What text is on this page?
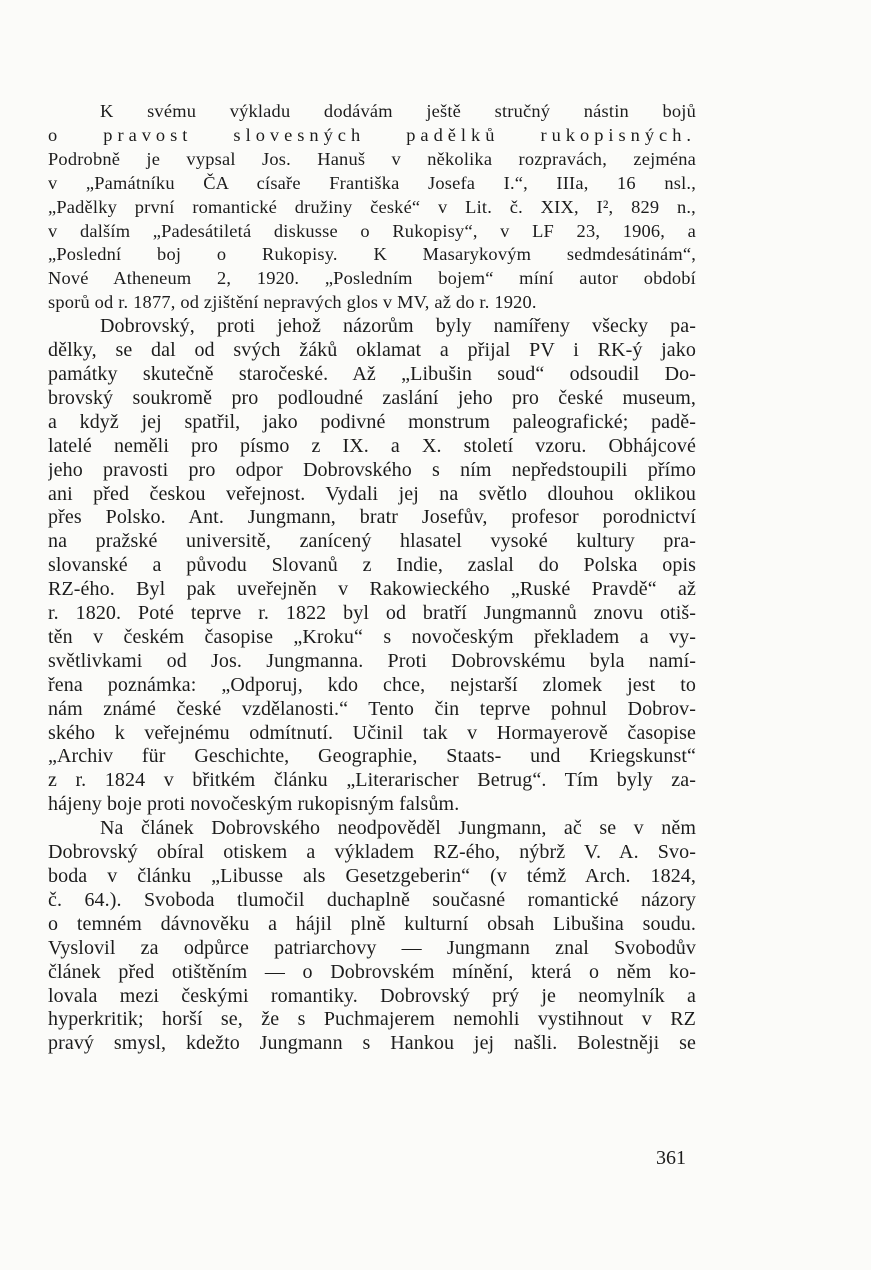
K svému výkladu dodávám ještě stručný nástin bojů
o pravost slovesných padělků rukopisných.
Podrobně je vypsal Jos. Hanuš v několika rozpravách, zejména
v „Památníku ČA císaře Františka Josefa I.“, IIIa, 16 nsl.,
„Padělky první romantické družiny české“ v Lit. č. XIX, I², 829 n.,
v dalším „Padesátiletá diskusse o Rukopisy“, v LF 23, 1906, a
„Poslední boj o Rukopisy. K Masarykovým sedmdesátinám“,
Nové Atheneum 2, 1920. „Posledním bojem“ míní autor období
sporů od r. 1877, od zjištění nepravých glos v MV, až do r. 1920.

Dobrovský, proti jehož názorům byly namířeny všecky pa-
dělky, se dal od svých žáků oklamat a přijal PV i RK-ý jako
památky skutečně staročeské. Až „Libušin soud“ odsoudil Do-
brovský soukromě pro podloudné zaslání jeho pro české museum,
a když jej spatřil, jako podivné monstrum paleografické; padě-
latelé neměli pro písmo z IX. a X. století vzoru. Obhájcové
jeho pravosti pro odpor Dobrovského s ním nepředstoupili přímo
ani před českou veřejnost. Vydali jej na světlo dlouhou oklikou
přes Polsko. Ant. Jungmann, bratr Josefův, profesor porodnictví
na pražské universitě, zanícený hlasatel vysoké kultury pra-
slovanské a původu Slovanů z Indie, zaslal do Polska opis
RZ-ého. Byl pak uveřejněn v Rakowieckého „Ruské Pravdě“ až
r. 1820. Poté teprve r. 1822 byl od bratří Jungmannů znovu otiš-
těn v českém časopise „Kroku“ s novočeským překladem a vy-
světlivkami od Jos. Jungmanna. Proti Dobrovskému byla namí-
řena poznámka: „Odporuj, kdo chce, nejstarší zlomek jest to
nám známé české vzdělanosti.“ Tento čin teprve pohnul Dobrov-
ského k veřejnému odmítnutí. Učinil tak v Hormayerově časopise
„Archiv für Geschichte, Geographie, Staats- und Kriegskunst“
z r. 1824 v břitkém článku „Literarischer Betrug“. Tím byly za-
hájeny boje proti novočeským rukopisným falsům.

Na článek Dobrovského neodpověděl Jungmann, ač se v něm
Dobrovský obíral otiskem a výkladem RZ-ého, nýbrž V. A. Svo-
boda v článku „Libusse als Gesetzgeberin“ (v témž Arch. 1824,
č. 64.). Svoboda tlumočil duchaplně současné romantické názory
o temném dávnověku a hájil plně kulturní obsah Libušina soudu.
Vyslovil za odpůrce patriarchovy — Jungmann znal Svobodův
článek před otištěním — o Dobrovském mínění, která o něm ko-
lovala mezi českými romantiky. Dobrovský prý je neomylník a
hyperkritik; horší se, že s Puchmajerem nemohli vystihnout v RZ
pravý smysl, kdežto Jungmann s Hankou jej našli. Bolestněji se

361
